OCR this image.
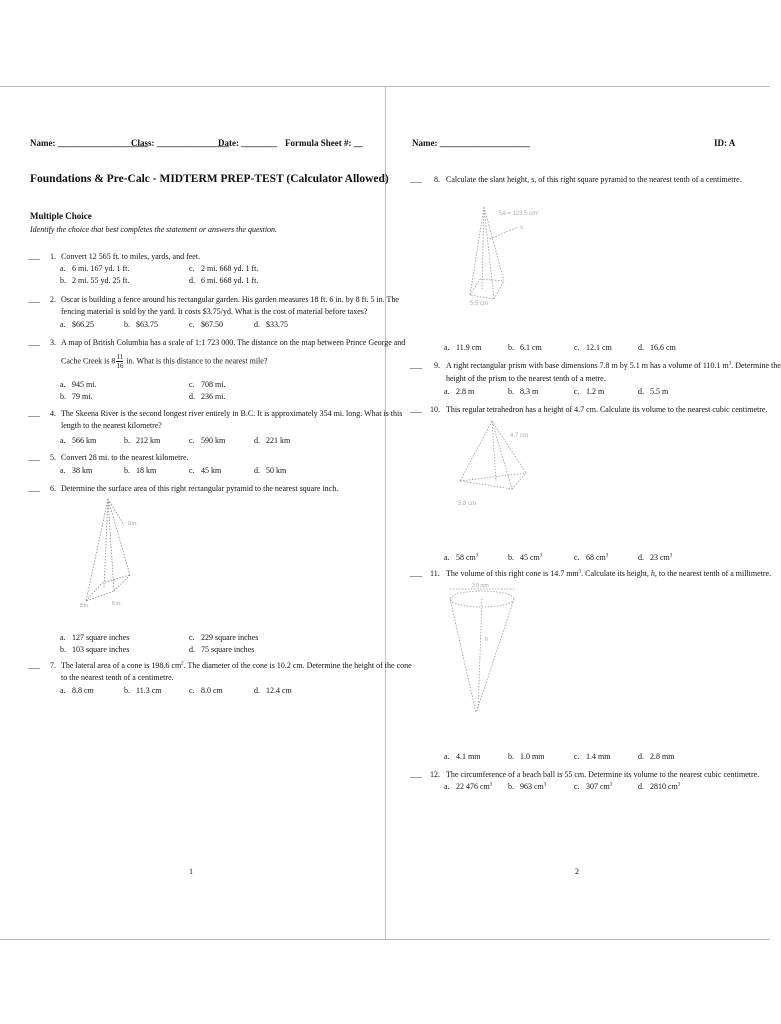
Name: ____________________
Class: ________________
Date: ________ Formula Sheet #: __
Foundations & Pre-Calc - MIDTERM PREP-TEST (Calculator Allowed)
Multiple Choice
Identify the choice that best completes the statement or answers the question.
___ 1. Convert 12 565 ft. to miles, yards, and feet.
a. 6 mi. 167 yd. 1 ft.	c. 2 mi. 668 yd. 1 ft.
b. 2 mi. 55 yd. 25 ft.	d. 6 mi. 668 yd. 1 ft.
___ 2. Oscar is building a fence around his rectangular garden. His garden measures 18 ft. 6 in. by 8 ft. 5 in. The
fencing material is sold by the yard. It costs $3.75/yd. What is the cost of material before taxes?
a. $66.25	b. $63.75	c. $67.50	d. $33.75
___ 3. A map of British Columbia has a scale of 1:1 723 000. The distance on the map between Prince George and
Cache Creek is $8 \frac{11}{16}$ in. What is this distance to the nearest mile?
a. 945 mi.	c. 708 mi.
b. 79 mi.	d. 236 mi.
___ 4. The Skeena River is the second longest river entirely in B.C. It is approximately 354 mi. long. What is this
length to the nearest kilometre?
a. 566 km	b. 212 km	c. 590 km	d. 221 km
___ 5. Convert 28 mi. to the nearest kilometre.
a. 38 km	b. 18 km	c. 45 km	d. 50 km
___ 6. Determine the surface area of this right rectangular pyramid to the nearest square inch.
9 in.
8 in.	6 in.
a. 127 square inches	c. 229 square inches
b. 103 square inches	d. 75 square inches
___ 7. The lateral area of a cone is 198.6 $cm^2$. The diameter of the cone is 10.2 cm. Determine the height of the cone
to the nearest tenth of a centimetre.
a. 8.8 cm	b. 11.3 cm	c. 8.0 cm	d. 12.4 cm
1
Name: ____________________	ID: A
___ 8. Calculate the slant height, s, of this right square pyramid to the nearest tenth of a centimetre.
SA = 123.5 $cm^2$
s
5.5 cm
a. 11.9 cm	b. 6.1 cm	c. 12.1 cm	d. 16.6 cm
___ 9. A right rectangular prism with base dimensions 7.8 m by 5.1 m has a volume of 110.1 $m^3$. Determine the
height of the prism to the nearest tenth of a metre.
a. 2.8 m	b. 8.3 m	c. 1.2 m	d. 5.5 m
___ 10. This regular tetrahedron has a height of 4.7 cm. Calculate its volume to the nearest cubic centimetre.
4.7 cm
5.8 cm
a. 58 $cm^3$	b. 45 $cm^3$	c. 68 $cm^3$	d. 23 $cm^3$
___ 11. The volume of this right cone is 14.7 $mm^3$. Calculate its height, h, to the nearest tenth of a millimetre.
3.0 mm
h
a. 4.1 mm	b. 1.0 mm	c. 1.4 mm	d. 2.8 mm
___ 12. The circumference of a beach ball is 55 cm. Determine its volume to the nearest cubic centimetre.
a. 22 476 $cm^3$ b. 963 $cm^3$	c. 307 $cm^3$	d. 2810 $cm^3$
2
